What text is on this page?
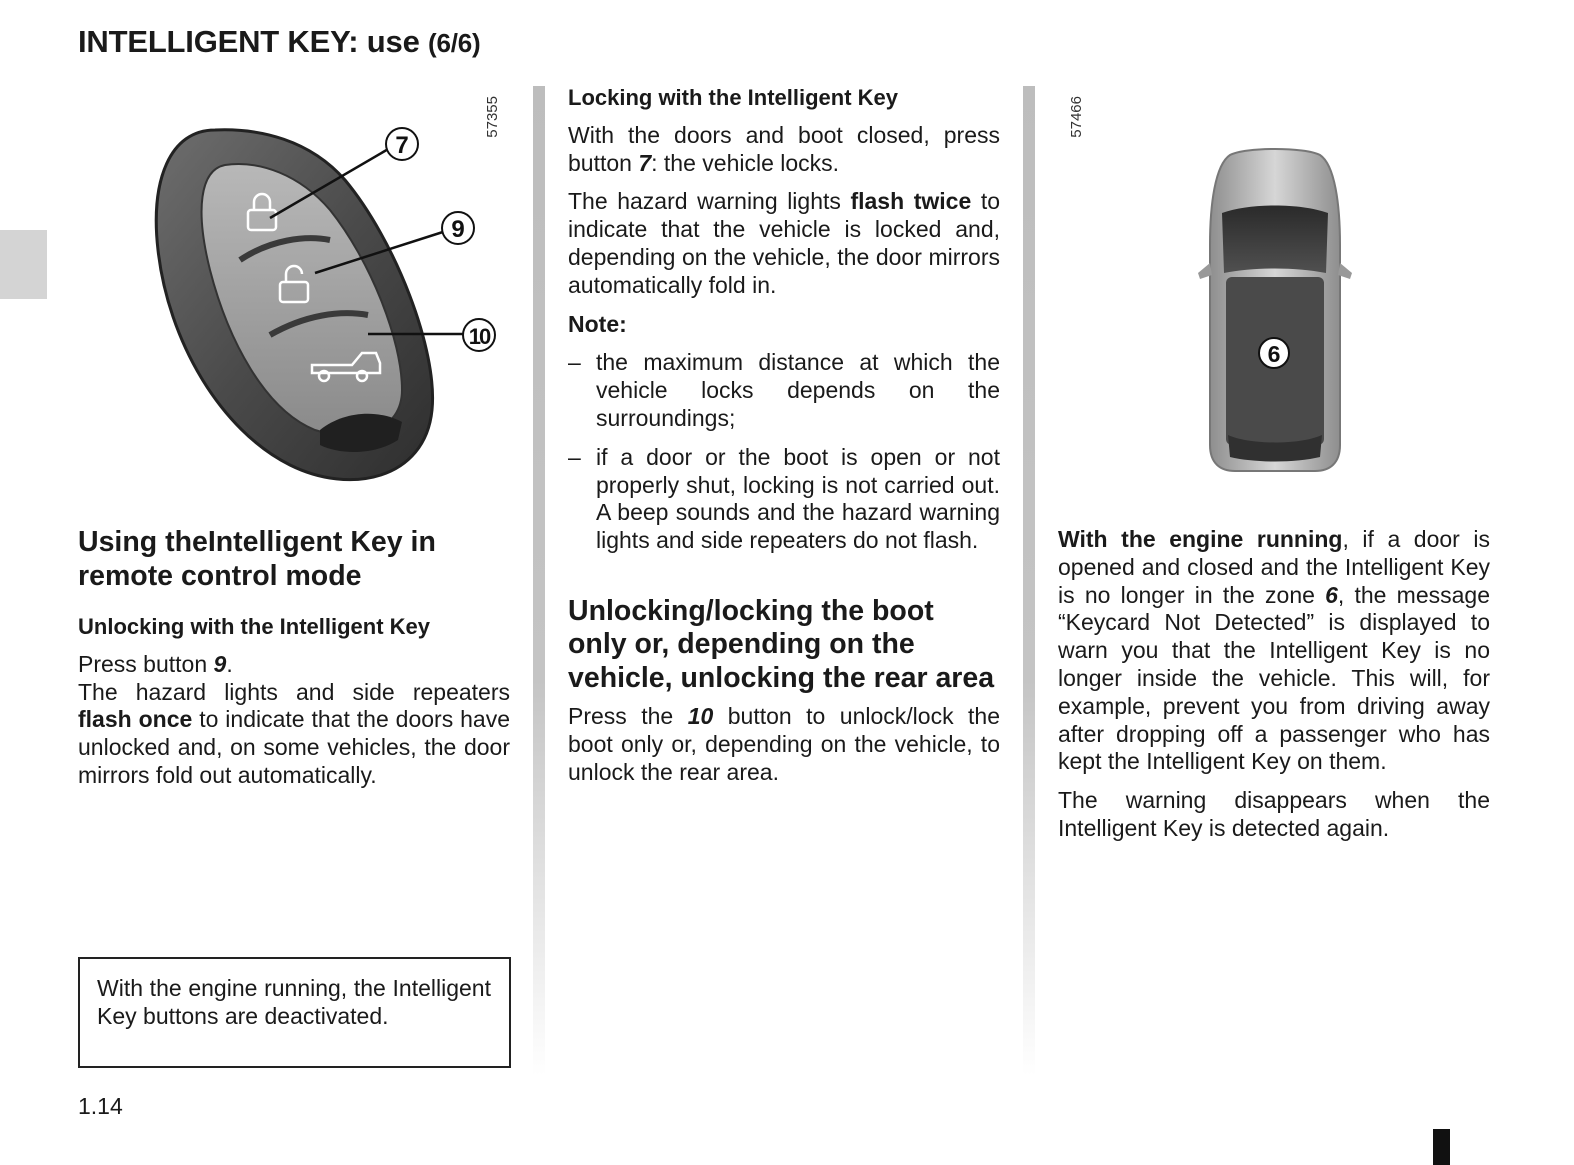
INTELLIGENT KEY: use (6/6)
57355
7
9
10
Using theIntelligent Key in remote control mode
Unlocking with the Intelligent Key

Press button 9.

The hazard lights and side repeaters flash once to indicate that the doors have unlocked and, on some vehicles, the door mirrors fold out automatically.

With the engine running, the Intelligent Key buttons are deactivated.
Locking with the Intelligent Key

With the doors and boot closed, press button 7: the vehicle locks.

The hazard warning lights flash twice to indicate that the vehicle is locked and, depending on the vehicle, the door mirrors automatically fold in.

Note:

– the maximum distance at which the vehicle locks depends on the surroundings;
– if a door or the boot is open or not properly shut, locking is not carried out. A beep sounds and the hazard warning lights and side repeaters do not flash.
Unlocking/locking the boot only or, depending on the vehicle, unlocking the rear area

Press the 10 button to unlock/lock the boot only or, depending on the vehicle, to unlock the rear area.

57466
6

With the engine running, if a door is opened and closed and the Intelligent Key is no longer in the zone 6, the message “Keycard Not Detected” is displayed to warn you that the Intelligent Key is no longer inside the vehicle. This will, for example, prevent you from driving away after dropping off a passenger who has kept the Intelligent Key on them.

The warning disappears when the Intelligent Key is detected again.

1.14
